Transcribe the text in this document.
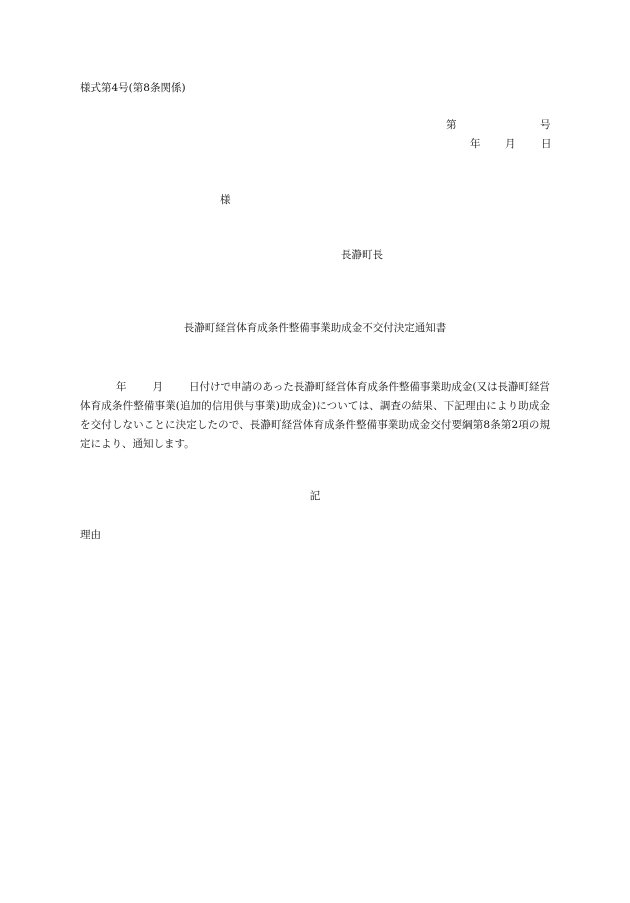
様式第4号(第8条関係)
第	号
年 月 日
様
長瀞町長
長瀞町経営体育成条件整備事業助成金不交付決定通知書
年 月 日付けで申請のあった長瀞町経営体育成条件整備事業助成金(又は長瀞町経営体育成条件整備事業(追加的信用供与事業)助成金)については、調査の結果、下記理由により助成金を交付しないことに決定したので、長瀞町経営体育成条件整備事業助成金交付要綱第8条第2項の規定により、通知します。
記
理由
